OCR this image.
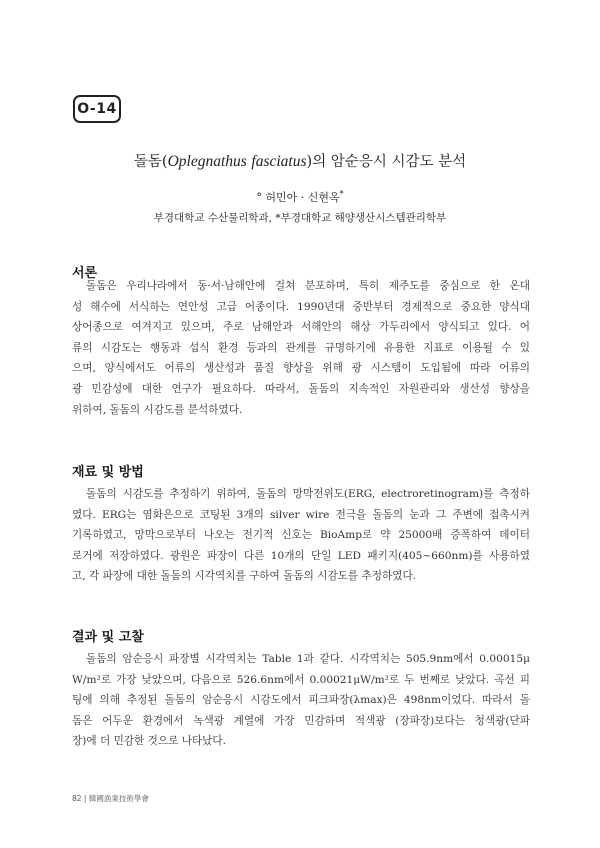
O-14
돌돔(Oplegnathus fasciatus)의 암순응시 시감도 분석
° 허민아 · 신현옥*
부경대학교 수산물리학과, *부경대학교 해양생산시스템관리학부
서론
돌돔은 우리나라에서 동·서·남해안에 걸쳐 분포하며, 특히 제주도를 중심으로 한 온대
성 해수에 서식하는 연안성 고급 어종이다. 1990년대 중반부터 경제적으로 중요한 양식대
상어종으로 여겨지고 있으며, 주로 남해안과 서해안의 해상 가두리에서 양식되고 있다. 어
류의 시감도는 행동과 섭식 환경 등과의 관계를 규명하기에 유용한 지표로 이용될 수 있
으며, 양식에서도 어류의 생산성과 품질 향상을 위해 광 시스템이 도입됨에 따라 어류의
광 민감성에 대한 연구가 필요하다. 따라서, 돌돔의 지속적인 자원관리와 생산성 향상을
위하여, 돌돔의 시감도를 분석하였다.
재료 및 방법
돌돔의 시감도를 추정하기 위하여, 돌돔의 망막전위도(ERG, electroretinogram)를 측정하
였다. ERG는 염화은으로 코팅된 3개의 silver wire 전극을 돌돔의 눈과 그 주변에 접촉시켜
기록하였고, 망막으로부터 나오는 전기적 신호는 BioAmp로 약 25000배 증폭하여 데이터
로거에 저장하였다. 광원은 파장이 다른 10개의 단일 LED 패키지(405~660nm)를 사용하였
고, 각 파장에 대한 돌돔의 시각역치를 구하여 돌돔의 시감도를 추정하였다.
결과 및 고찰
돌돔의 암순응시 파장별 시각역치는 Table 1과 같다. 시각역치는 505.9nm에서 0.00015μ
W/m²로 가장 낮았으며, 다음으로 526.6nm에서 0.00021μW/m²로 두 번째로 낮았다. 곡선 피
팅에 의해 추정된 돌돔의 암순응시 시감도에서 피크파장(λmax)은 498nm이었다. 따라서 돌
돔은 어두운 환경에서 녹색광 계열에 가장 민감하며 적색광 (장파장)보다는 청색광(단파
장)에 더 민감한 것으로 나타났다.
82 | 韓國漁業技術學會
